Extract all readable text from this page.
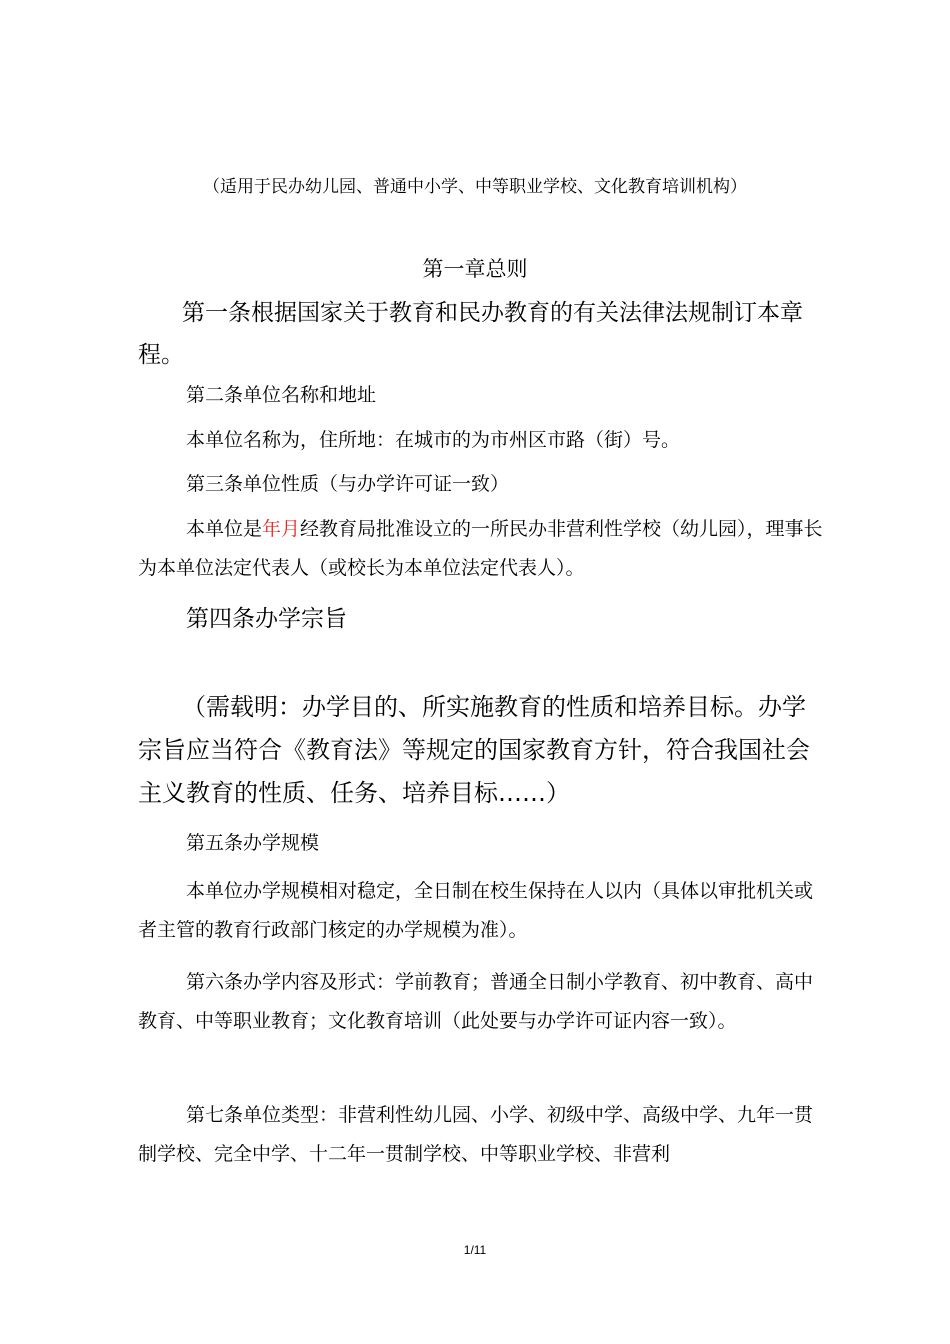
（适用于民办幼儿园、普通中小学、中等职业学校、文化教育培训机构）
第一章总则

第一条根据国家关于教育和民办教育的有关法律法规制订本章程。

第二条单位名称和地址

本单位名称为，住所地：在城市的为市州区市路（街）号。

第三条单位性质（与办学许可证一致）

本单位是年月经教育局批准设立的一所民办非营利性学校（幼儿园），理事长为本单位法定代表人（或校长为本单位法定代表人）。

第四条办学宗旨

（需载明：办学目的、所实施教育的性质和培养目标。办学宗旨应当符合《教育法》等规定的国家教育方针，符合我国社会主义教育的性质、任务、培养目标……）

第五条办学规模

本单位办学规模相对稳定，全日制在校生保持在人以内（具体以审批机关或者主管的教育行政部门核定的办学规模为准）。

第六条办学内容及形式：学前教育；普通全日制小学教育、初中教育、高中教育、中等职业教育；文化教育培训（此处要与办学许可证内容一致）。

第七条单位类型：非营利性幼儿园、小学、初级中学、高级中学、九年一贯制学校、完全中学、十二年一贯制学校、中等职业学校、非营利

1/11
